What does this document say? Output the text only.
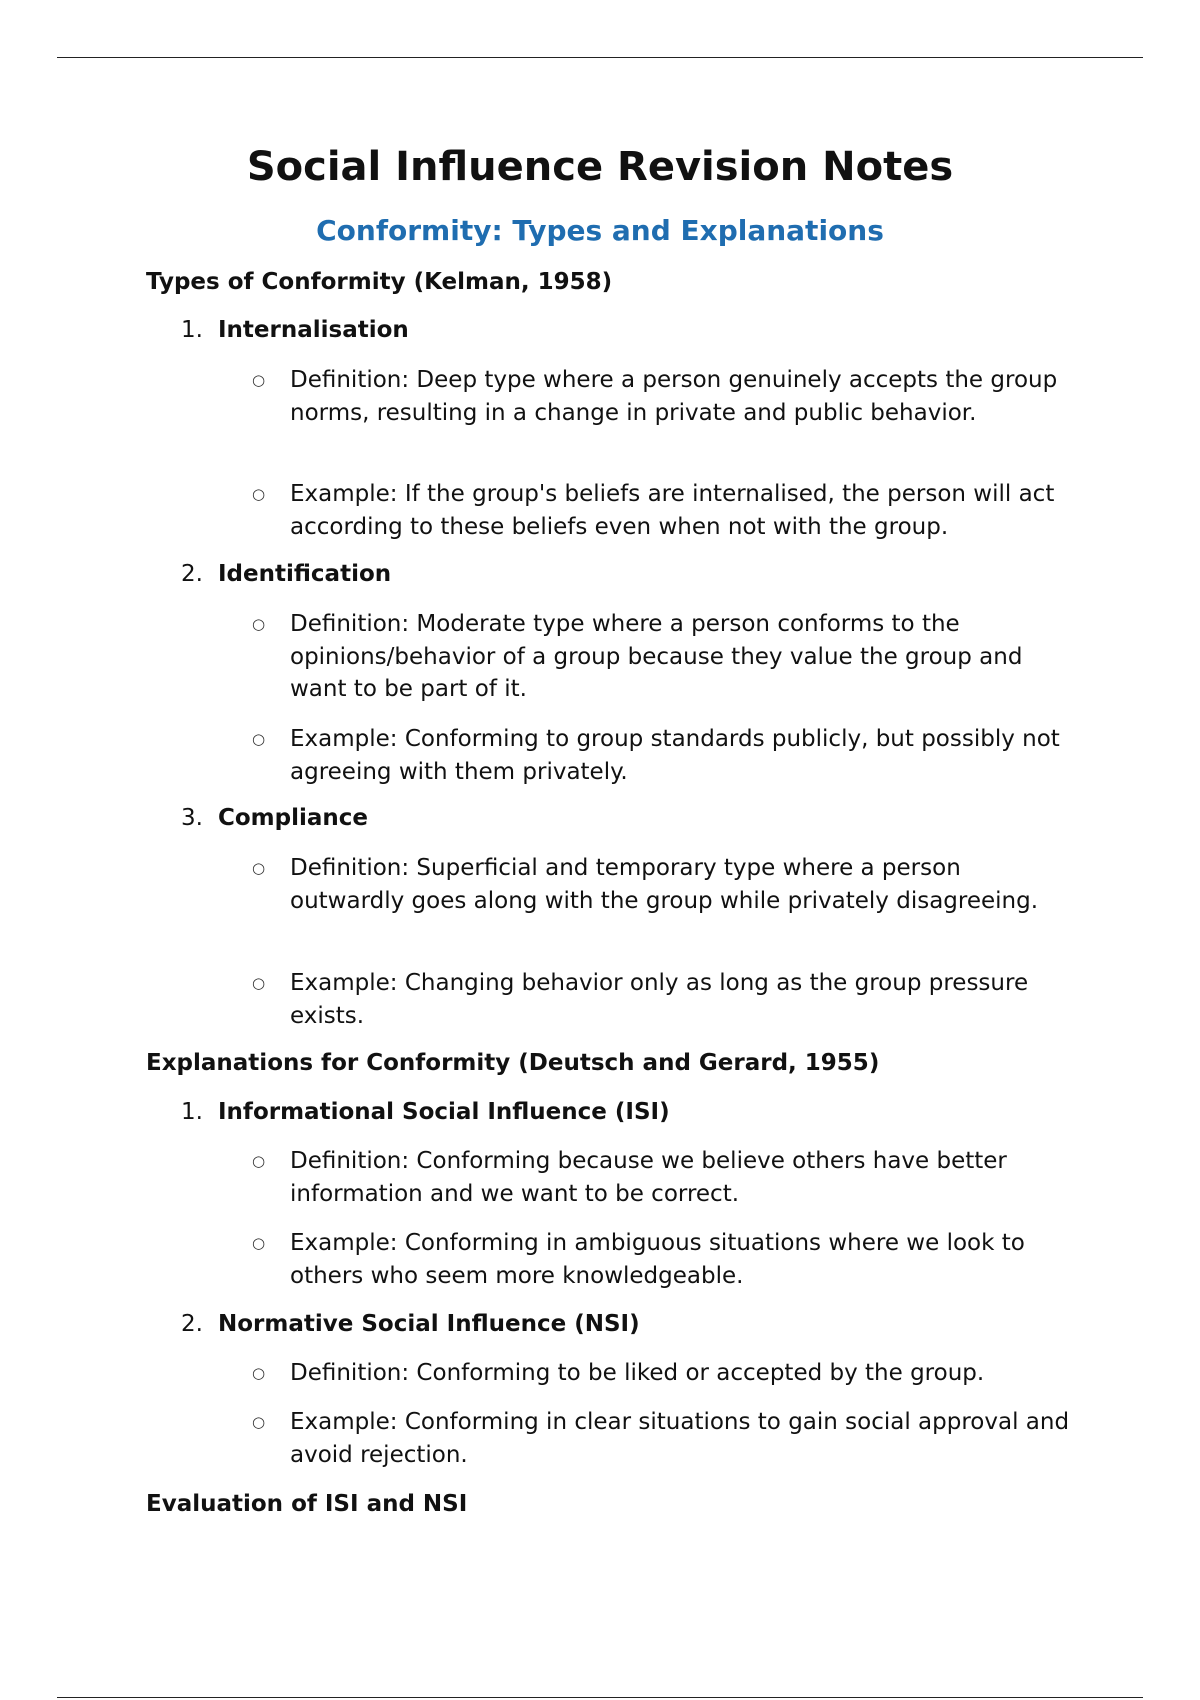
Social Influence Revision Notes
Conformity: Types and Explanations
Types of Conformity (Kelman, 1958)
1. Internalisation
○ Definition: Deep type where a person genuinely accepts the group norms, resulting in a change in private and public behavior.
○ Example: If the group's beliefs are internalised, the person will act according to these beliefs even when not with the group.
2. Identification
○ Definition: Moderate type where a person conforms to the opinions/behavior of a group because they value the group and want to be part of it.
○ Example: Conforming to group standards publicly, but possibly not agreeing with them privately.
3. Compliance
○ Definition: Superficial and temporary type where a person outwardly goes along with the group while privately disagreeing.
○ Example: Changing behavior only as long as the group pressure exists.
Explanations for Conformity (Deutsch and Gerard, 1955)
1. Informational Social Influence (ISI)
○ Definition: Conforming because we believe others have better information and we want to be correct.
○ Example: Conforming in ambiguous situations where we look to others who seem more knowledgeable.
2. Normative Social Influence (NSI)
○ Definition: Conforming to be liked or accepted by the group.
○ Example: Conforming in clear situations to gain social approval and avoid rejection.
Evaluation of ISI and NSI
